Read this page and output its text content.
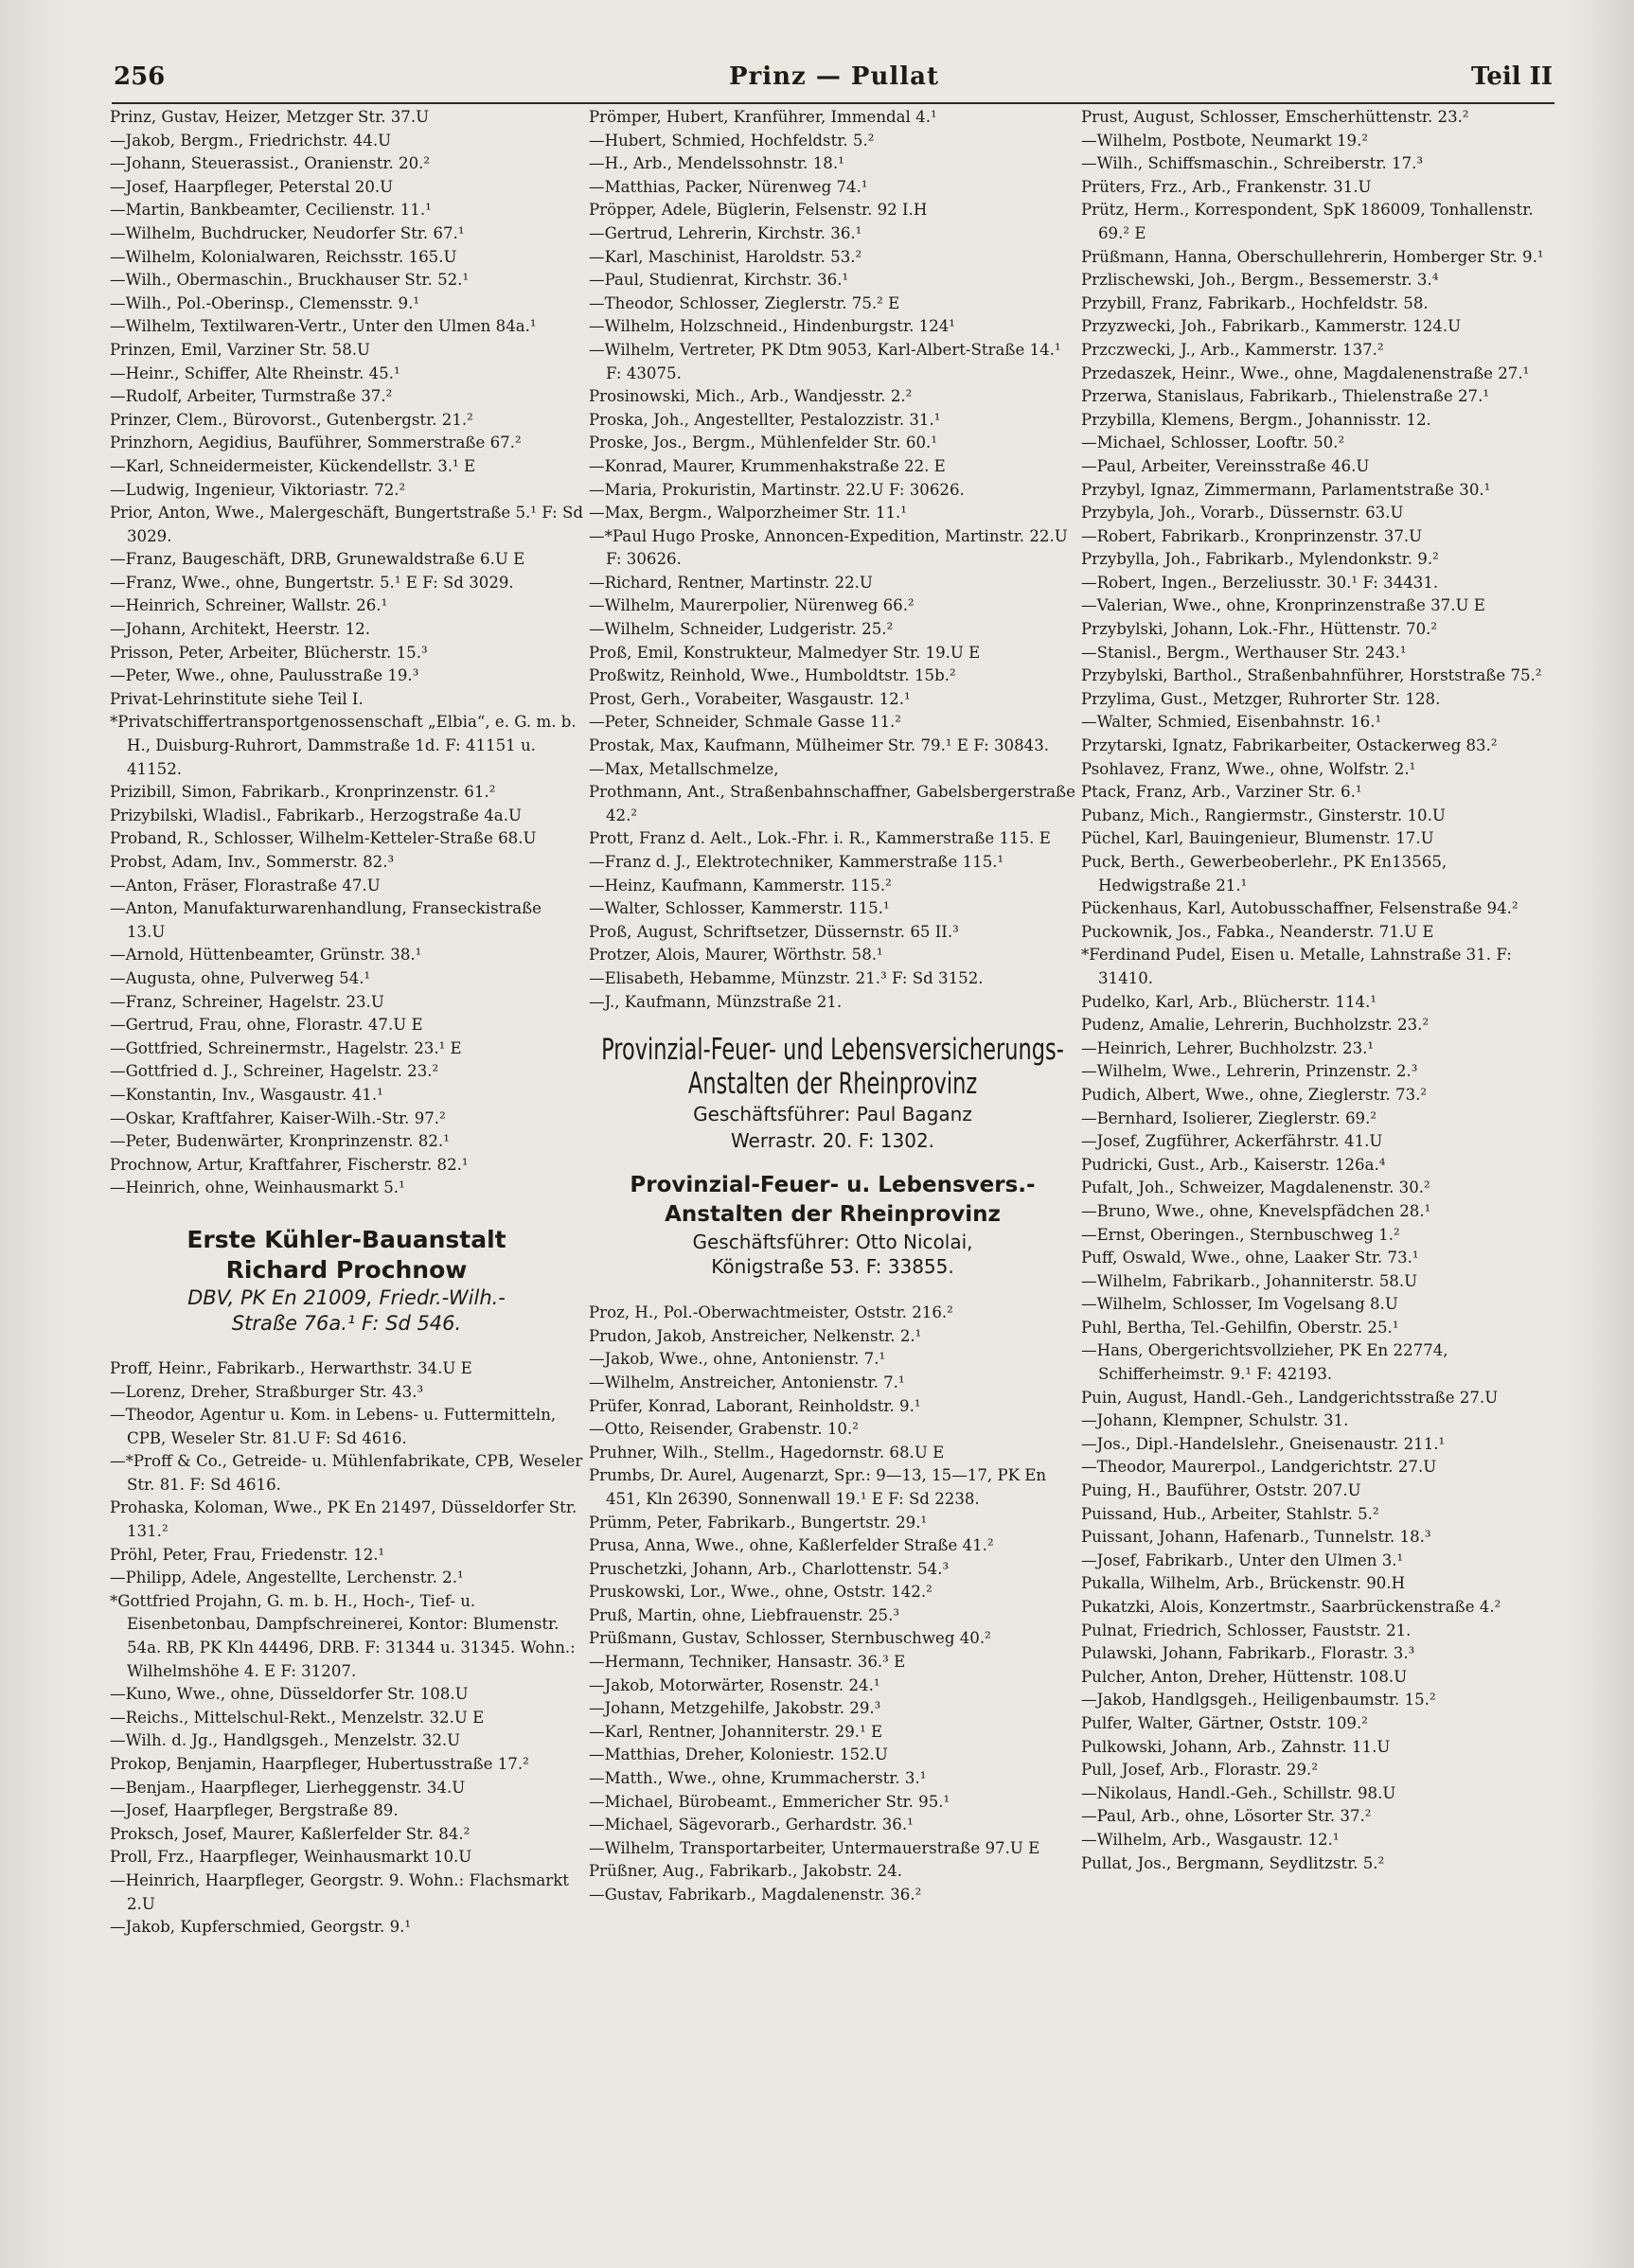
256	Prinz — Pullat	Teil II

Prinz, Gustav, Heizer, Metzger Str. 37.U

—Jakob, Bergm., Friedrichstr. 44.U

—Johann, Steuerassist., Oranienstr. 20.²

—Josef, Haarpfleger, Peterstal 20.U

—Martin, Bankbeamter, Cecilienstr. 11.¹

—Wilhelm, Buchdrucker, Neudorfer Str. 67.¹

—Wilhelm, Kolonialwaren, Reichsstr. 165.U

—Wilh., Obermaschin., Bruckhauser Str. 52.¹

—Wilh., Pol.-Oberinsp., Clemensstr. 9.¹

—Wilhelm, Textilwaren-Vertr., Unter den Ulmen 84a.¹

Prinzen, Emil, Varziner Str. 58.U

—Heinr., Schiffer, Alte Rheinstr. 45.¹

—Rudolf, Arbeiter, Turmstraße 37.²

Prinzer, Clem., Bürovorst., Gutenbergstr. 21.²

Prinzhorn, Aegidius, Bauführer, Sommerstraße 67.²

—Karl, Schneidermeister, Kückendellstr. 3.¹ E

—Ludwig, Ingenieur, Viktoriastr. 72.²

Prior, Anton, Wwe., Malergeschäft, Bungertstraße 5.¹ F: Sd 3029.

—Franz, Baugeschäft, DRB, Grunewaldstraße 6.U E

—Franz, Wwe., ohne, Bungertstr. 5.¹ E F: Sd 3029.

—Heinrich, Schreiner, Wallstr. 26.¹

—Johann, Architekt, Heerstr. 12.

Prisson, Peter, Arbeiter, Blücherstr. 15.³

—Peter, Wwe., ohne, Paulusstraße 19.³

Privat-Lehrinstitute siehe Teil I.

*Privatschiffertransportgenossenschaft „Elbia“, e. G. m. b. H., Duisburg-Ruhrort, Dammstraße 1d. F: 41151 u. 41152.

Prizibill, Simon, Fabrikarb., Kronprinzenstr. 61.²

Prizybilski, Wladisl., Fabrikarb., Herzogstraße 4a.U

Proband, R., Schlosser, Wilhelm-Ketteler-Straße 68.U

Probst, Adam, Inv., Sommerstr. 82.³

—Anton, Fräser, Florastraße 47.U

—Anton, Manufakturwarenhandlung, Franseckistraße 13.U

—Arnold, Hüttenbeamter, Grünstr. 38.¹

—Augusta, ohne, Pulverweg 54.¹

—Franz, Schreiner, Hagelstr. 23.U

—Gertrud, Frau, ohne, Florastr. 47.U E

—Gottfried, Schreinermstr., Hagelstr. 23.¹ E

—Gottfried d. J., Schreiner, Hagelstr. 23.²

—Konstantin, Inv., Wasgaustr. 41.¹

—Oskar, Kraftfahrer, Kaiser-Wilh.-Str. 97.²

—Peter, Budenwärter, Kronprinzenstr. 82.¹

Prochnow, Artur, Kraftfahrer, Fischerstr. 82.¹

—Heinrich, ohne, Weinhausmarkt 5.¹

Erste Kühler-Bauanstalt
Richard Prochnow
DBV, PK En 21009, Friedr.-Wilh.-
Straße 76a.¹ F: Sd 546.

Proff, Heinr., Fabrikarb., Herwarthstr. 34.U E

—Lorenz, Dreher, Straßburger Str. 43.³

—Theodor, Agentur u. Kom. in Lebens- u. Futtermitteln, CPB, Weseler Str. 81.U F: Sd 4616.

—*Proff & Co., Getreide- u. Mühlenfabrikate, CPB, Weseler Str. 81. F: Sd 4616.

Prohaska, Koloman, Wwe., PK En 21497, Düsseldorfer Str. 131.²

Pröhl, Peter, Frau, Friedenstr. 12.¹

—Philipp, Adele, Angestellte, Lerchenstr. 2.¹

*Gottfried Projahn, G. m. b. H., Hoch-, Tief- u. Eisenbetonbau, Dampfschreinerei, Kontor: Blumenstr. 54a. RB, PK Kln 44496, DRB. F: 31344 u. 31345. Wohn.: Wilhelmshöhe 4. E F: 31207.

—Kuno, Wwe., ohne, Düsseldorfer Str. 108.U

—Reichs., Mittelschul-Rekt., Menzelstr. 32.U E

—Wilh. d. Jg., Handlgsgeh., Menzelstr. 32.U

Prokop, Benjamin, Haarpfleger, Hubertusstraße 17.²

—Benjam., Haarpfleger, Lierheggenstr. 34.U

—Josef, Haarpfleger, Bergstraße 89.

Proksch, Josef, Maurer, Kaßlerfelder Str. 84.²

Proll, Frz., Haarpfleger, Weinhausmarkt 10.U

—Heinrich, Haarpfleger, Georgstr. 9. Wohn.: Flachsmarkt 2.U

—Jakob, Kupferschmied, Georgstr. 9.¹

Prömper, Hubert, Kranführer, Immendal 4.¹

—Hubert, Schmied, Hochfeldstr. 5.²

—H., Arb., Mendelssohnstr. 18.¹

—Matthias, Packer, Nürenweg 74.¹

Pröpper, Adele, Büglerin, Felsenstr. 92 I.H

—Gertrud, Lehrerin, Kirchstr. 36.¹

—Karl, Maschinist, Haroldstr. 53.²

—Paul, Studienrat, Kirchstr. 36.¹

—Theodor, Schlosser, Zieglerstr. 75.² E

—Wilhelm, Holzschneid., Hindenburgstr. 124¹

—Wilhelm, Vertreter, PK Dtm 9053, Karl-Albert-Straße 14.¹ F: 43075.

Prosinowski, Mich., Arb., Wandjesstr. 2.²

Proska, Joh., Angestellter, Pestalozzistr. 31.¹

Proske, Jos., Bergm., Mühlenfelder Str. 60.¹

—Konrad, Maurer, Krummenhakstraße 22. E

—Maria, Prokuristin, Martinstr. 22.U F: 30626.

—Max, Bergm., Walporzheimer Str. 11.¹

—*Paul Hugo Proske, Annoncen-Expedition, Martinstr. 22.U F: 30626.

—Richard, Rentner, Martinstr. 22.U

—Wilhelm, Maurerpolier, Nürenweg 66.²

—Wilhelm, Schneider, Ludgeristr. 25.²

Proß, Emil, Konstrukteur, Malmedyer Str. 19.U E

Proßwitz, Reinhold, Wwe., Humboldtstr. 15b.²

Prost, Gerh., Vorabeiter, Wasgaustr. 12.¹

—Peter, Schneider, Schmale Gasse 11.²

Prostak, Max, Kaufmann, Mülheimer Str. 79.¹ E F: 30843.

—Max, Metallschmelze,

Prothmann, Ant., Straßenbahnschaffner, Gabelsbergerstraße 42.²

Prott, Franz d. Aelt., Lok.-Fhr. i. R., Kammerstraße 115. E

—Franz d. J., Elektrotechniker, Kammerstraße 115.¹

—Heinz, Kaufmann, Kammerstr. 115.²

—Walter, Schlosser, Kammerstr. 115.¹

Proß, August, Schriftsetzer, Düssernstr. 65 II.³

Protzer, Alois, Maurer, Wörthstr. 58.¹

—Elisabeth, Hebamme, Münzstr. 21.³ F: Sd 3152.

—J., Kaufmann, Münzstraße 21.

Provinzial-Feuer- und Lebensversicherungs-
Anstalten der Rheinprovinz
Geschäftsführer: Paul Baganz
Werrastr. 20. F: 1302.
Provinzial-Feuer- u. Lebensvers.-
Anstalten der Rheinprovinz
Geschäftsführer: Otto Nicolai,
Königstraße 53. F: 33855.

Proz, H., Pol.-Oberwachtmeister, Oststr. 216.²

Prudon, Jakob, Anstreicher, Nelkenstr. 2.¹

—Jakob, Wwe., ohne, Antonienstr. 7.¹

—Wilhelm, Anstreicher, Antonienstr. 7.¹

Prüfer, Konrad, Laborant, Reinholdstr. 9.¹

—Otto, Reisender, Grabenstr. 10.²

Pruhner, Wilh., Stellm., Hagedornstr. 68.U E

Prumbs, Dr. Aurel, Augenarzt, Spr.: 9—13, 15—17, PK En 451, Kln 26390, Sonnenwall 19.¹ E F: Sd 2238.

Prümm, Peter, Fabrikarb., Bungertstr. 29.¹

Prusa, Anna, Wwe., ohne, Kaßlerfelder Straße 41.²

Pruschetzki, Johann, Arb., Charlottenstr. 54.³

Pruskowski, Lor., Wwe., ohne, Oststr. 142.²

Pruß, Martin, ohne, Liebfrauenstr. 25.³

Prüßmann, Gustav, Schlosser, Sternbuschweg 40.²

—Hermann, Techniker, Hansastr. 36.³ E

—Jakob, Motorwärter, Rosenstr. 24.¹

—Johann, Metzgehilfe, Jakobstr. 29.³

—Karl, Rentner, Johanniterstr. 29.¹ E

—Matthias, Dreher, Koloniestr. 152.U

—Matth., Wwe., ohne, Krummacherstr. 3.¹

—Michael, Bürobeamt., Emmericher Str. 95.¹

—Michael, Sägevorarb., Gerhardstr. 36.¹

—Wilhelm, Transportarbeiter, Untermauerstraße 97.U E

Prüßner, Aug., Fabrikarb., Jakobstr. 24.

—Gustav, Fabrikarb., Magdalenenstr. 36.²

Prust, August, Schlosser, Emscherhüttenstr. 23.²

—Wilhelm, Postbote, Neumarkt 19.²

—Wilh., Schiffsmaschin., Schreiberstr. 17.³

Prüters, Frz., Arb., Frankenstr. 31.U

Prütz, Herm., Korrespondent, SpK 186009, Tonhallenstr. 69.² E

Prüßmann, Hanna, Oberschullehrerin, Homberger Str. 9.¹

Przlischewski, Joh., Bergm., Bessemerstr. 3.⁴

Przybill, Franz, Fabrikarb., Hochfeldstr. 58.

Przyzwecki, Joh., Fabrikarb., Kammerstr. 124.U

Przczwecki, J., Arb., Kammerstr. 137.²

Przedaszek, Heinr., Wwe., ohne, Magdalenenstraße 27.¹

Przerwa, Stanislaus, Fabrikarb., Thielenstraße 27.¹

Przybilla, Klemens, Bergm., Johannisstr. 12.

—Michael, Schlosser, Looftr. 50.²

—Paul, Arbeiter, Vereinsstraße 46.U

Przybyl, Ignaz, Zimmermann, Parlamentstraße 30.¹

Przybyla, Joh., Vorarb., Düssernstr. 63.U

—Robert, Fabrikarb., Kronprinzenstr. 37.U

Przybylla, Joh., Fabrikarb., Mylendonkstr. 9.²

—Robert, Ingen., Berzeliusstr. 30.¹ F: 34431.

—Valerian, Wwe., ohne, Kronprinzenstraße 37.U E

Przybylski, Johann, Lok.-Fhr., Hüttenstr. 70.²

—Stanisl., Bergm., Werthauser Str. 243.¹

Przybylski, Barthol., Straßenbahnführer, Horststraße 75.²

Przylima, Gust., Metzger, Ruhrorter Str. 128.

—Walter, Schmied, Eisenbahnstr. 16.¹

Przytarski, Ignatz, Fabrikarbeiter, Ostackerweg 83.²

Psohlavez, Franz, Wwe., ohne, Wolfstr. 2.¹

Ptack, Franz, Arb., Varziner Str. 6.¹

Pubanz, Mich., Rangiermstr., Ginsterstr. 10.U

Püchel, Karl, Bauingenieur, Blumenstr. 17.U

Puck, Berth., Gewerbeoberlehr., PK En13565, Hedwigstraße 21.¹

Pückenhaus, Karl, Autobusschaffner, Felsenstraße 94.²

Puckownik, Jos., Fabka., Neanderstr. 71.U E

*Ferdinand Pudel, Eisen u. Metalle, Lahnstraße 31. F: 31410.

Pudelko, Karl, Arb., Blücherstr. 114.¹

Pudenz, Amalie, Lehrerin, Buchholzstr. 23.²

—Heinrich, Lehrer, Buchholzstr. 23.¹

—Wilhelm, Wwe., Lehrerin, Prinzenstr. 2.³

Pudich, Albert, Wwe., ohne, Zieglerstr. 73.²

—Bernhard, Isolierer, Zieglerstr. 69.²

—Josef, Zugführer, Ackerfährstr. 41.U

Pudricki, Gust., Arb., Kaiserstr. 126a.⁴

Pufalt, Joh., Schweizer, Magdalenenstr. 30.²

—Bruno, Wwe., ohne, Knevelspfädchen 28.¹

—Ernst, Oberingen., Sternbuschweg 1.²

Puff, Oswald, Wwe., ohne, Laaker Str. 73.¹

—Wilhelm, Fabrikarb., Johanniterstr. 58.U

—Wilhelm, Schlosser, Im Vogelsang 8.U

Puhl, Bertha, Tel.-Gehilfin, Oberstr. 25.¹

—Hans, Obergerichtsvollzieher, PK En 22774, Schifferheimstr. 9.¹ F: 42193.

Puin, August, Handl.-Geh., Landgerichtsstraße 27.U

—Johann, Klempner, Schulstr. 31.

—Jos., Dipl.-Handelslehr., Gneisenaustr. 211.¹

—Theodor, Maurerpol., Landgerichtstr. 27.U

Puing, H., Bauführer, Oststr. 207.U

Puissand, Hub., Arbeiter, Stahlstr. 5.²

Puissant, Johann, Hafenarb., Tunnelstr. 18.³

—Josef, Fabrikarb., Unter den Ulmen 3.¹

Pukalla, Wilhelm, Arb., Brückenstr. 90.H

Pukatzki, Alois, Konzertmstr., Saarbrückenstraße 4.²

Pulnat, Friedrich, Schlosser, Fauststr. 21.

Pulawski, Johann, Fabrikarb., Florastr. 3.³

Pulcher, Anton, Dreher, Hüttenstr. 108.U

—Jakob, Handlgsgeh., Heiligenbaumstr. 15.²

Pulfer, Walter, Gärtner, Oststr. 109.²

Pulkowski, Johann, Arb., Zahnstr. 11.U

Pull, Josef, Arb., Florastr. 29.²

—Nikolaus, Handl.-Geh., Schillstr. 98.U

—Paul, Arb., ohne, Lösorter Str. 37.²

—Wilhelm, Arb., Wasgaustr. 12.¹

Pullat, Jos., Bergmann, Seydlitzstr. 5.²
